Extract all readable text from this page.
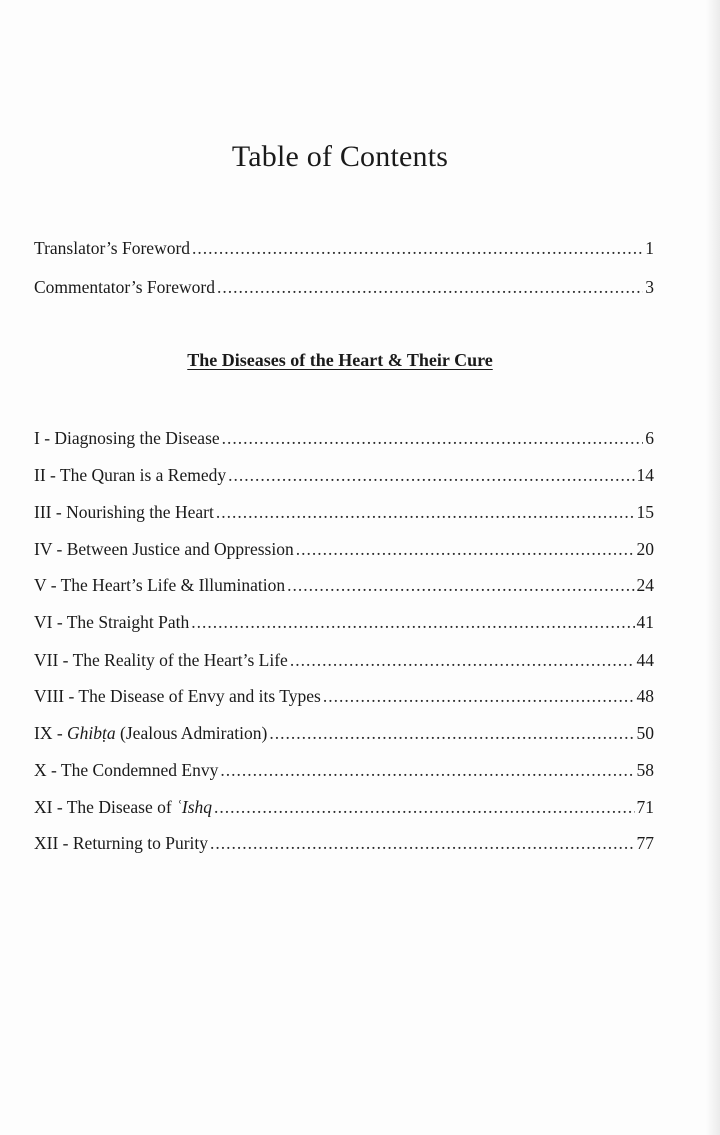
Table of Contents
Translator’s Foreword .....	1
Commentator’s Foreword .....	3
The Diseases of the Heart & Their Cure
I - Diagnosing the Disease .....	6
II - The Quran is a Remedy .....	14
III - Nourishing the Heart .....	15
IV - Between Justice and Oppression .....	20
V - The Heart’s Life & Illumination .....	24
VI - The Straight Path .....	41
VII - The Reality of the Heart’s Life .....	44
VIII - The Disease of Envy and its Types .....	48
IX - Ghibṭa (Jealous Admiration) .....	50
X - The Condemned Envy .....	58
XI - The Disease of ʿIshq .....	71
XII - Returning to Purity .....	77
